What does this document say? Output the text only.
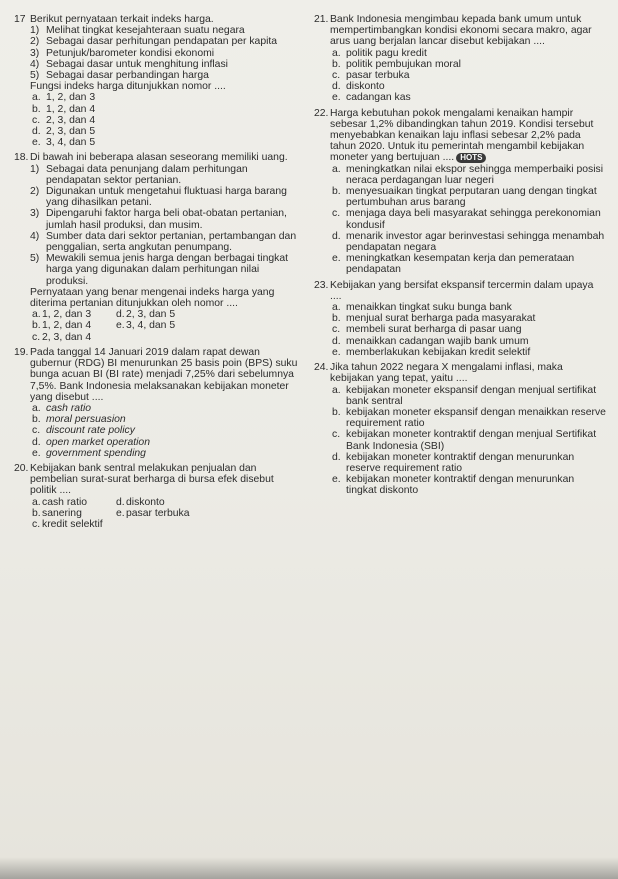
17 Berikut pernyataan terkait indeks harga.
1) Melihat tingkat kesejahteraan suatu negara
2) Sebagai dasar perhitungan pendapatan per kapita
3) Petunjuk/barometer kondisi ekonomi
4) Sebagai dasar untuk menghitung inflasi
5) Sebagai dasar perbandingan harga
Fungsi indeks harga ditunjukkan nomor ....
a. 1, 2, dan 3
b. 1, 2, dan 4
c. 2, 3, dan 4
d. 2, 3, dan 5
e. 3, 4, dan 5
18. Di bawah ini beberapa alasan seseorang memiliki uang.
1) Sebagai data penunjang dalam perhitungan pendapatan sektor pertanian.
2) Digunakan untuk mengetahui fluktuasi harga barang yang dihasilkan petani.
3) Dipengaruhi faktor harga beli obat-obatan pertanian, jumlah hasil produksi, dan musim.
4) Sumber data dari sektor pertanian, pertambangan dan penggalian, serta angkutan penumpang.
5) Mewakili semua jenis harga dengan berbagai tingkat harga yang digunakan dalam perhitungan nilai produksi.
Pernyataan yang benar mengenai indeks harga yang diterima pertanian ditunjukkan oleh nomor ....
a. 1, 2, dan 3	d. 2, 3, dan 5
b. 1, 2, dan 4	e. 3, 4, dan 5
c. 2, 3, dan 4
19. Pada tanggal 14 Januari 2019 dalam rapat dewan gubernur (RDG) BI menurunkan 25 basis poin (BPS) suku bunga acuan BI (BI rate) menjadi 7,25% dari sebelumnya 7,5%. Bank Indonesia melaksanakan kebijakan moneter yang disebut ....
a. cash ratio
b. moral persuasion
c. discount rate policy
d. open market operation
e. government spending
20. Kebijakan bank sentral melakukan penjualan dan pembelian surat-surat berharga di bursa efek disebut politik ....
a. cash ratio	d. diskonto
b. sanering	e. pasar terbuka
c. kredit selektif
21. Bank Indonesia mengimbau kepada bank umum untuk mempertimbangkan kondisi ekonomi secara makro, agar arus uang berjalan lancar disebut kebijakan ....
a. politik pagu kredit
b. politik pembujukan moral
c. pasar terbuka
d. diskonto
e. cadangan kas
22. Harga kebutuhan pokok mengalami kenaikan hampir sebesar 1,2% dibandingkan tahun 2019. Kondisi tersebut menyebabkan kenaikan laju inflasi sebesar 2,2% pada tahun 2020. Untuk itu pemerintah mengambil kebijakan moneter yang bertujuan .... HOTS
a. meningkatkan nilai ekspor sehingga memperbaiki posisi neraca perdagangan luar negeri
b. menyesuaikan tingkat perputaran uang dengan tingkat pertumbuhan arus barang
c. menjaga daya beli masyarakat sehingga perekonomian kondusif
d. menarik investor agar berinvestasi sehingga menambah pendapatan negara
e. meningkatkan kesempatan kerja dan pemerataan pendapatan
23. Kebijakan yang bersifat ekspansif tercermin dalam upaya ....
a. menaikkan tingkat suku bunga bank
b. menjual surat berharga pada masyarakat
c. membeli surat berharga di pasar uang
d. menaikkan cadangan wajib bank umum
e. memberlakukan kebijakan kredit selektif
24. Jika tahun 2022 negara X mengalami inflasi, maka kebijakan yang tepat, yaitu ....
a. kebijakan moneter ekspansif dengan menjual sertifikat bank sentral
b. kebijakan moneter ekspansif dengan menaikkan reserve requirement ratio
c. kebijakan moneter kontraktif dengan menjual Sertifikat Bank Indonesia (SBI)
d. kebijakan moneter kontraktif dengan menurunkan reserve requirement ratio
e. kebijakan moneter kontraktif dengan menurunkan tingkat diskonto
